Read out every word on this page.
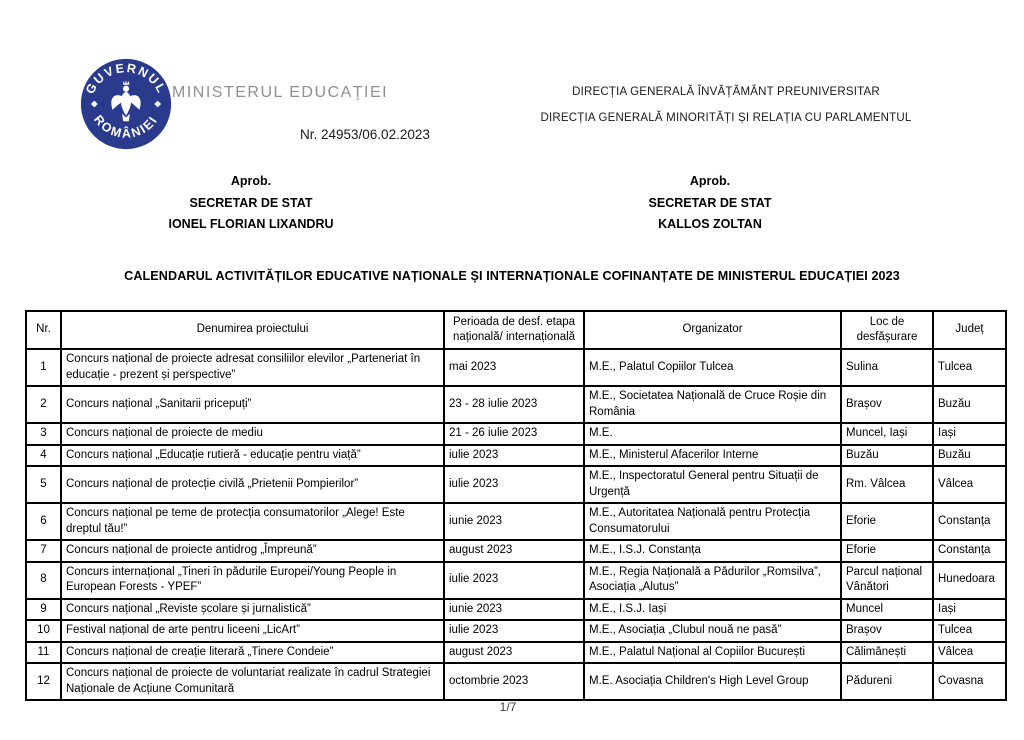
GUVERNUL
ROMÂNIEI
MINISTERUL EDUCAȚIEI	DIRECȚIA GENERALĂ ÎNVĂȚĂMÂNT PREUNIVERSITAR
DIRECȚIA GENERALĂ MINORITĂȚI ȘI RELAȚIA CU PARLAMENTUL
Nr. 24953/06.02.2023
Aprob.
SECRETAR DE STAT
IONEL FLORIAN LIXANDRU
Aprob.
SECRETAR DE STAT
KALLOS ZOLTAN
CALENDARUL ACTIVITĂȚILOR EDUCATIVE NAȚIONALE ȘI INTERNAȚIONALE COFINANȚATE DE MINISTERUL EDUCAȚIEI 2023
Nr.	Denumirea proiectului	Perioada de desf. etapa națională/ internațională	Organizator	Loc de desfășurare	Județ
1	Concurs național de proiecte adresat consiliilor elevilor „Parteneriat în educație - prezent și perspective”	mai 2023	M.E., Palatul Copiilor Tulcea	Sulina	Tulcea
2	Concurs național „Sanitarii pricepuți”	23 - 28 iulie 2023	M.E., Societatea Națională de Cruce Roșie din România	Brașov	Buzău
3	Concurs național de proiecte de mediu	21 - 26 iulie 2023	M.E.	Muncel, Iași	Iași
4	Concurs național „Educație rutieră - educație pentru viață”	iulie 2023	M.E., Ministerul Afacerilor Interne	Buzău	Buzău
5	Concurs național de protecție civilă „Prietenii Pompierilor”	iulie 2023	M.E., Inspectoratul General pentru Situații de Urgență	Rm. Vâlcea	Vâlcea
6	Concurs național pe teme de protecția consumatorilor „Alege! Este dreptul tău!”	iunie 2023	M.E., Autoritatea Națională pentru Protecția Consumatorului	Eforie	Constanța
7	Concurs național de proiecte antidrog „Împreună”	august 2023	M.E., I.S.J. Constanța	Eforie	Constanța
8	Concurs internațional „Tineri în pădurile Europei/Young People in European Forests - YPEF”	iulie 2023	M.E., Regia Națională a Pădurilor „Romsilva”, Asociația „Alutus”	Parcul național Vânători	Hunedoara
9	Concurs național „Reviste școlare și jurnalistică”	iunie 2023	M.E., I.S.J. Iași	Muncel	Iași
10	Festival național de arte pentru liceeni „LicArt”	iulie 2023	M.E., Asociația „Clubul nouă ne pasă”	Brașov	Tulcea
11	Concurs național de creație literară „Tinere Condeie”	august 2023	M.E., Palatul Național al Copiilor București	Călimănești	Vâlcea
12	Concurs național de proiecte de voluntariat realizate în cadrul Strategiei Naționale de Acțiune Comunitară	octombrie 2023	M.E. Asociația Children's High Level Group	Pădureni	Covasna
1/7
